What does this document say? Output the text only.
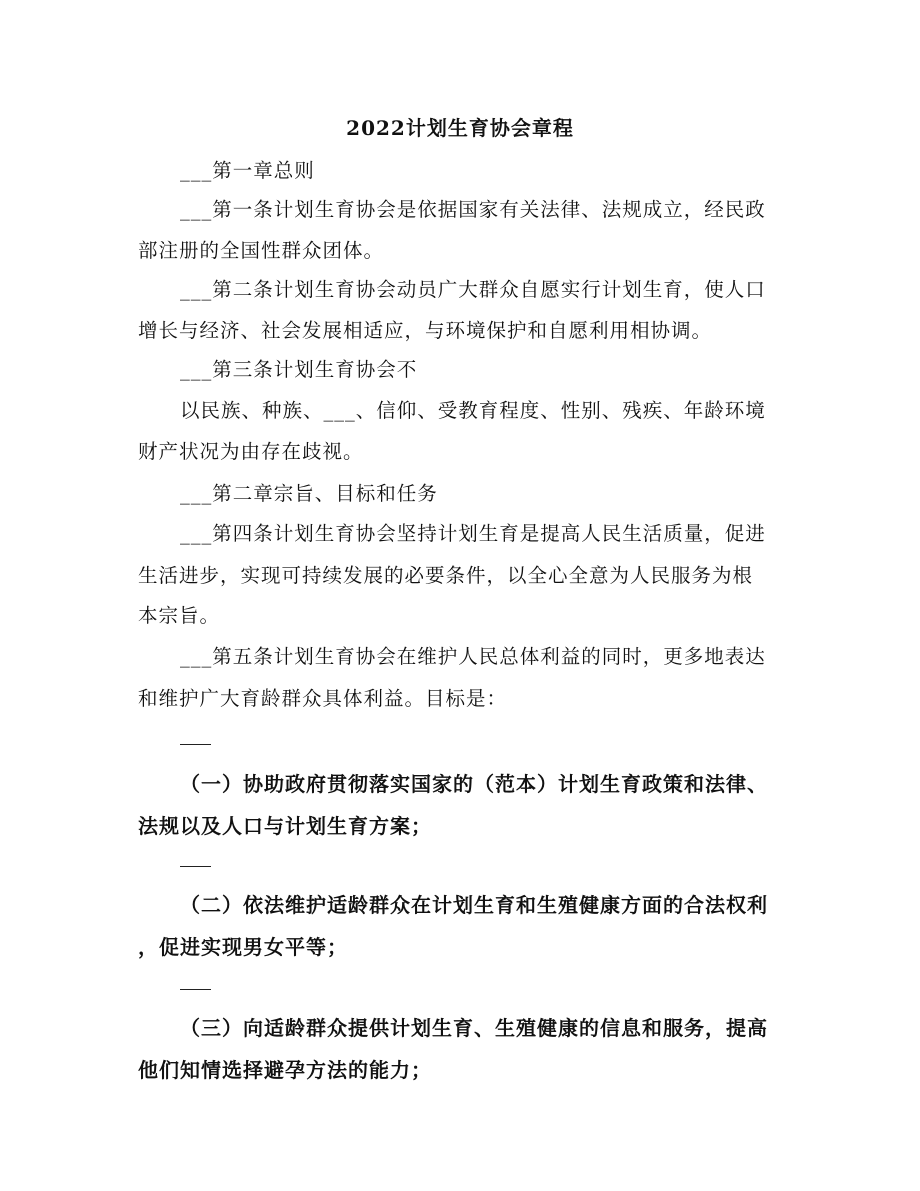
2022计划生育协会章程
___第一章总则
___第一条计划生育协会是依据国家有关法律、法规成立，经民政
部注册的全国性群众团体。
___第二条计划生育协会动员广大群众自愿实行计划生育，使人口
增长与经济、社会发展相适应，与环境保护和自愿利用相协调。
___第三条计划生育协会不
以民族、种族、___、信仰、受教育程度、性别、残疾、年龄环境
财产状况为由存在歧视。
___第二章宗旨、目标和任务
___第四条计划生育协会坚持计划生育是提高人民生活质量，促进
生活进步，实现可持续发展的必要条件，以全心全意为人民服务为根
本宗旨。
___第五条计划生育协会在维护人民总体利益的同时，更多地表达
和维护广大育龄群众具体利益。目标是：
（一）协助政府贯彻落实国家的（范本）计划生育政策和法律、
法规以及人口与计划生育方案；
（二）依法维护适龄群众在计划生育和生殖健康方面的合法权利
，促进实现男女平等；
（三）向适龄群众提供计划生育、生殖健康的信息和服务，提高
他们知情选择避孕方法的能力；
